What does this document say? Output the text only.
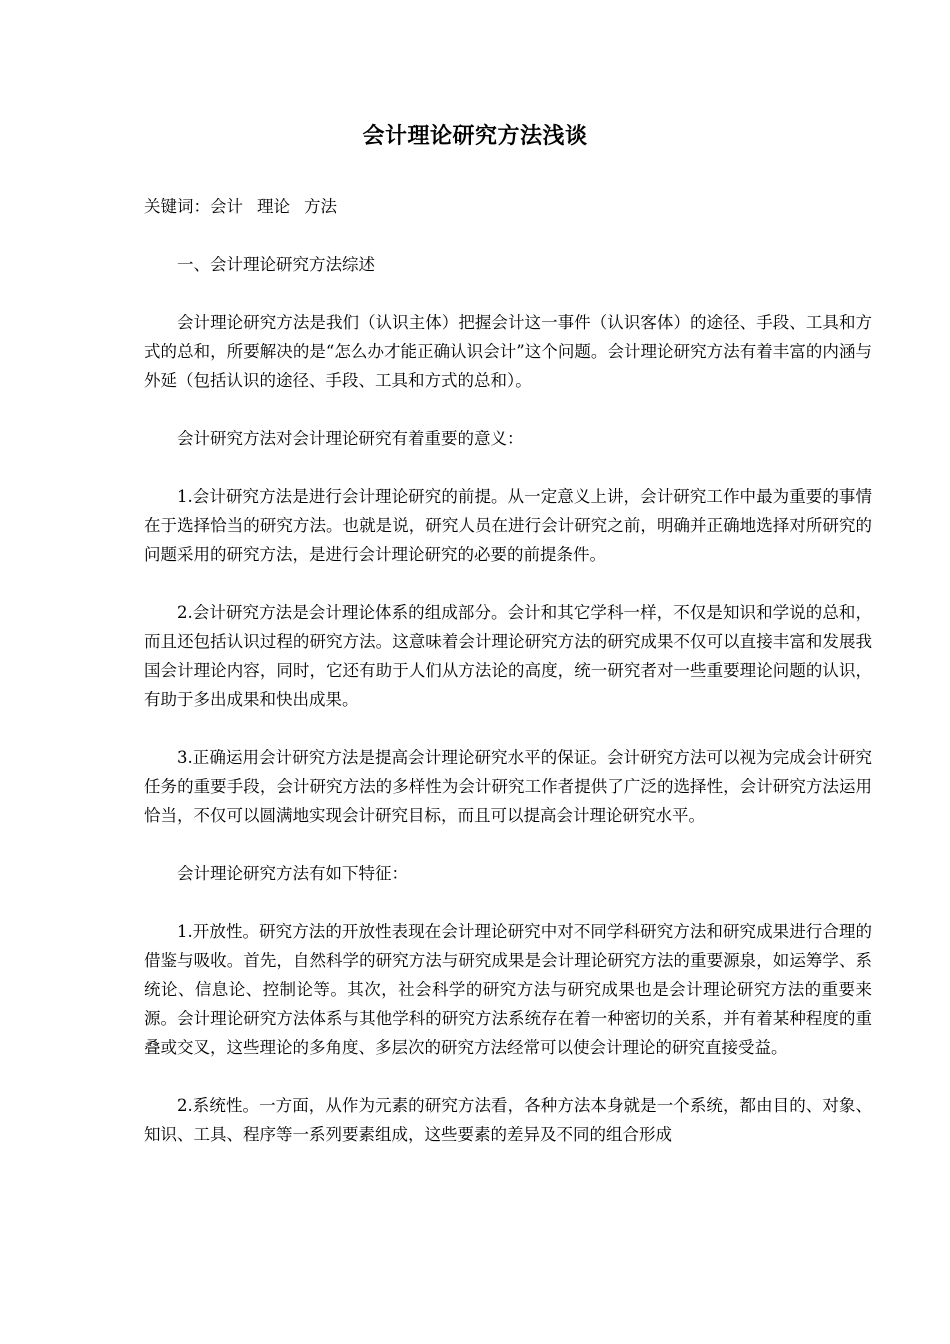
会计理论研究方法浅谈

关键词：会计 理论 方法

一、会计理论研究方法综述

会计理论研究方法是我们（认识主体）把握会计这一事件（认识客体）的途径、手段、工具和方式的总和，所要解决的是“怎么办才能正确认识会计”这个问题。会计理论研究方法有着丰富的内涵与外延（包括认识的途径、手段、工具和方式的总和）。

会计研究方法对会计理论研究有着重要的意义：

1.会计研究方法是进行会计理论研究的前提。从一定意义上讲，会计研究工作中最为重要的事情在于选择恰当的研究方法。也就是说，研究人员在进行会计研究之前，明确并正确地选择对所研究的问题采用的研究方法，是进行会计理论研究的必要的前提条件。

2.会计研究方法是会计理论体系的组成部分。会计和其它学科一样，不仅是知识和学说的总和，而且还包括认识过程的研究方法。这意味着会计理论研究方法的研究成果不仅可以直接丰富和发展我国会计理论内容，同时，它还有助于人们从方法论的高度，统一研究者对一些重要理论问题的认识，有助于多出成果和快出成果。

3.正确运用会计研究方法是提高会计理论研究水平的保证。会计研究方法可以视为完成会计研究任务的重要手段，会计研究方法的多样性为会计研究工作者提供了广泛的选择性，会计研究方法运用恰当，不仅可以圆满地实现会计研究目标，而且可以提高会计理论研究水平。

会计理论研究方法有如下特征：

1.开放性。研究方法的开放性表现在会计理论研究中对不同学科研究方法和研究成果进行合理的借鉴与吸收。首先，自然科学的研究方法与研究成果是会计理论研究方法的重要源泉，如运筹学、系统论、信息论、控制论等。其次，社会科学的研究方法与研究成果也是会计理论研究方法的重要来源。会计理论研究方法体系与其他学科的研究方法系统存在着一种密切的关系，并有着某种程度的重叠或交叉，这些理论的多角度、多层次的研究方法经常可以使会计理论的研究直接受益。

2.系统性。一方面，从作为元素的研究方法看，各种方法本身就是一个系统，都由目的、对象、知识、工具、程序等一系列要素组成，这些要素的差异及不同的组合形成
